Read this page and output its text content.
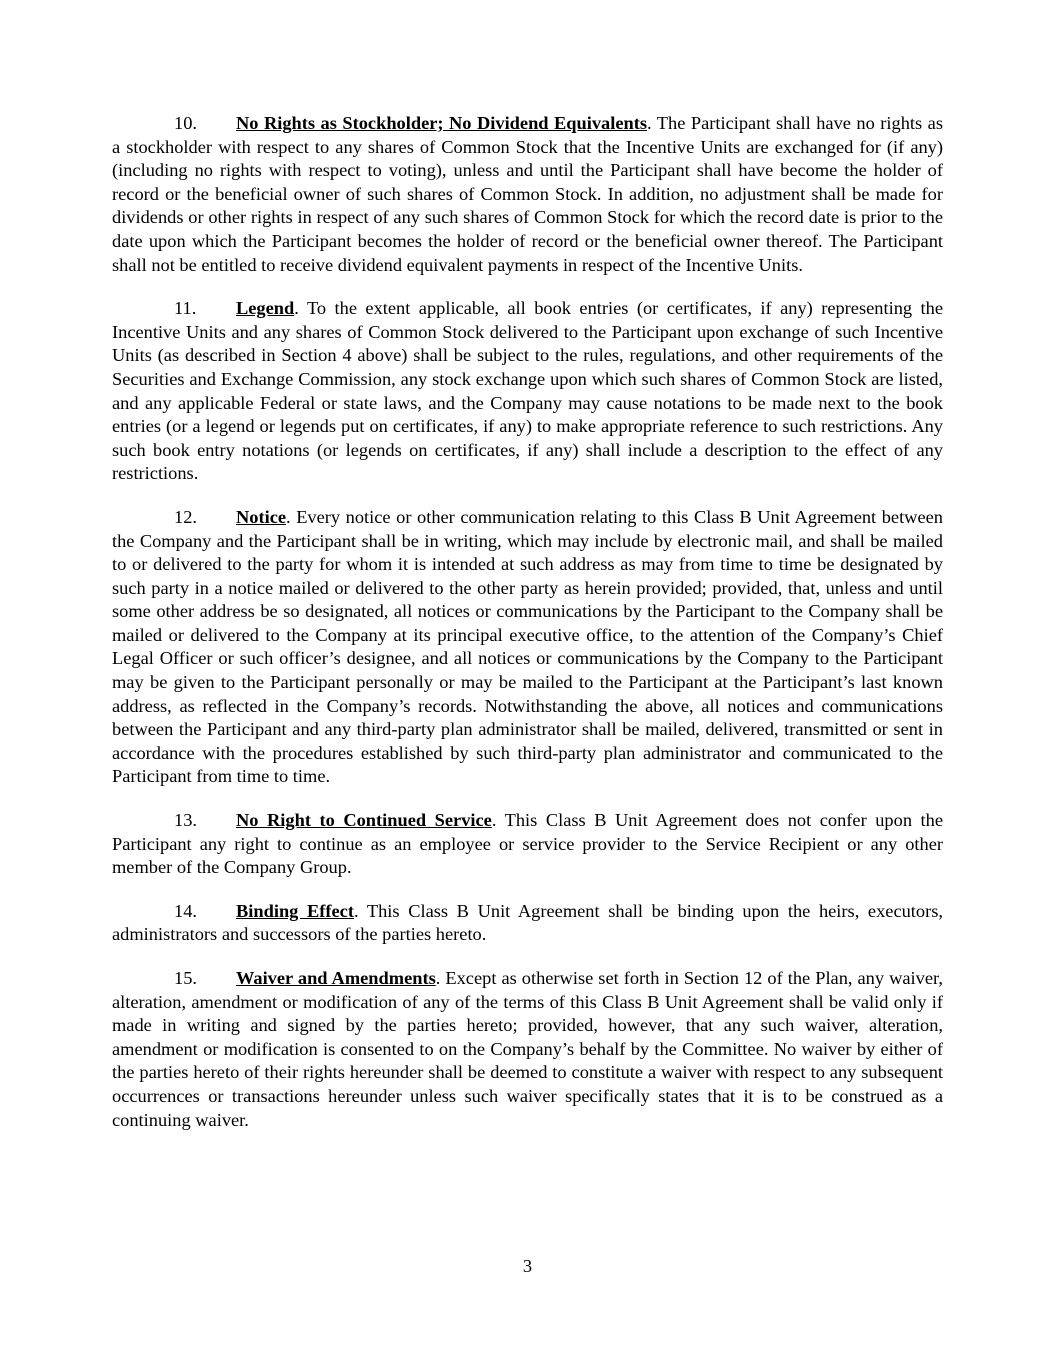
10. No Rights as Stockholder; No Dividend Equivalents. The Participant shall have no rights as a stockholder with respect to any shares of Common Stock that the Incentive Units are exchanged for (if any) (including no rights with respect to voting), unless and until the Participant shall have become the holder of record or the beneficial owner of such shares of Common Stock. In addition, no adjustment shall be made for dividends or other rights in respect of any such shares of Common Stock for which the record date is prior to the date upon which the Participant becomes the holder of record or the beneficial owner thereof. The Participant shall not be entitled to receive dividend equivalent payments in respect of the Incentive Units.

11. Legend. To the extent applicable, all book entries (or certificates, if any) representing the Incentive Units and any shares of Common Stock delivered to the Participant upon exchange of such Incentive Units (as described in Section 4 above) shall be subject to the rules, regulations, and other requirements of the Securities and Exchange Commission, any stock exchange upon which such shares of Common Stock are listed, and any applicable Federal or state laws, and the Company may cause notations to be made next to the book entries (or a legend or legends put on certificates, if any) to make appropriate reference to such restrictions. Any such book entry notations (or legends on certificates, if any) shall include a description to the effect of any restrictions.

12. Notice. Every notice or other communication relating to this Class B Unit Agreement between the Company and the Participant shall be in writing, which may include by electronic mail, and shall be mailed to or delivered to the party for whom it is intended at such address as may from time to time be designated by such party in a notice mailed or delivered to the other party as herein provided; provided, that, unless and until some other address be so designated, all notices or communications by the Participant to the Company shall be mailed or delivered to the Company at its principal executive office, to the attention of the Company’s Chief Legal Officer or such officer’s designee, and all notices or communications by the Company to the Participant may be given to the Participant personally or may be mailed to the Participant at the Participant’s last known address, as reflected in the Company’s records. Notwithstanding the above, all notices and communications between the Participant and any third-party plan administrator shall be mailed, delivered, transmitted or sent in accordance with the procedures established by such third-party plan administrator and communicated to the Participant from time to time.

13. No Right to Continued Service. This Class B Unit Agreement does not confer upon the Participant any right to continue as an employee or service provider to the Service Recipient or any other member of the Company Group.

14. Binding Effect. This Class B Unit Agreement shall be binding upon the heirs, executors, administrators and successors of the parties hereto.

15. Waiver and Amendments. Except as otherwise set forth in Section 12 of the Plan, any waiver, alteration, amendment or modification of any of the terms of this Class B Unit Agreement shall be valid only if made in writing and signed by the parties hereto; provided, however, that any such waiver, alteration, amendment or modification is consented to on the Company’s behalf by the Committee. No waiver by either of the parties hereto of their rights hereunder shall be deemed to constitute a waiver with respect to any subsequent occurrences or transactions hereunder unless such waiver specifically states that it is to be construed as a continuing waiver.

3
